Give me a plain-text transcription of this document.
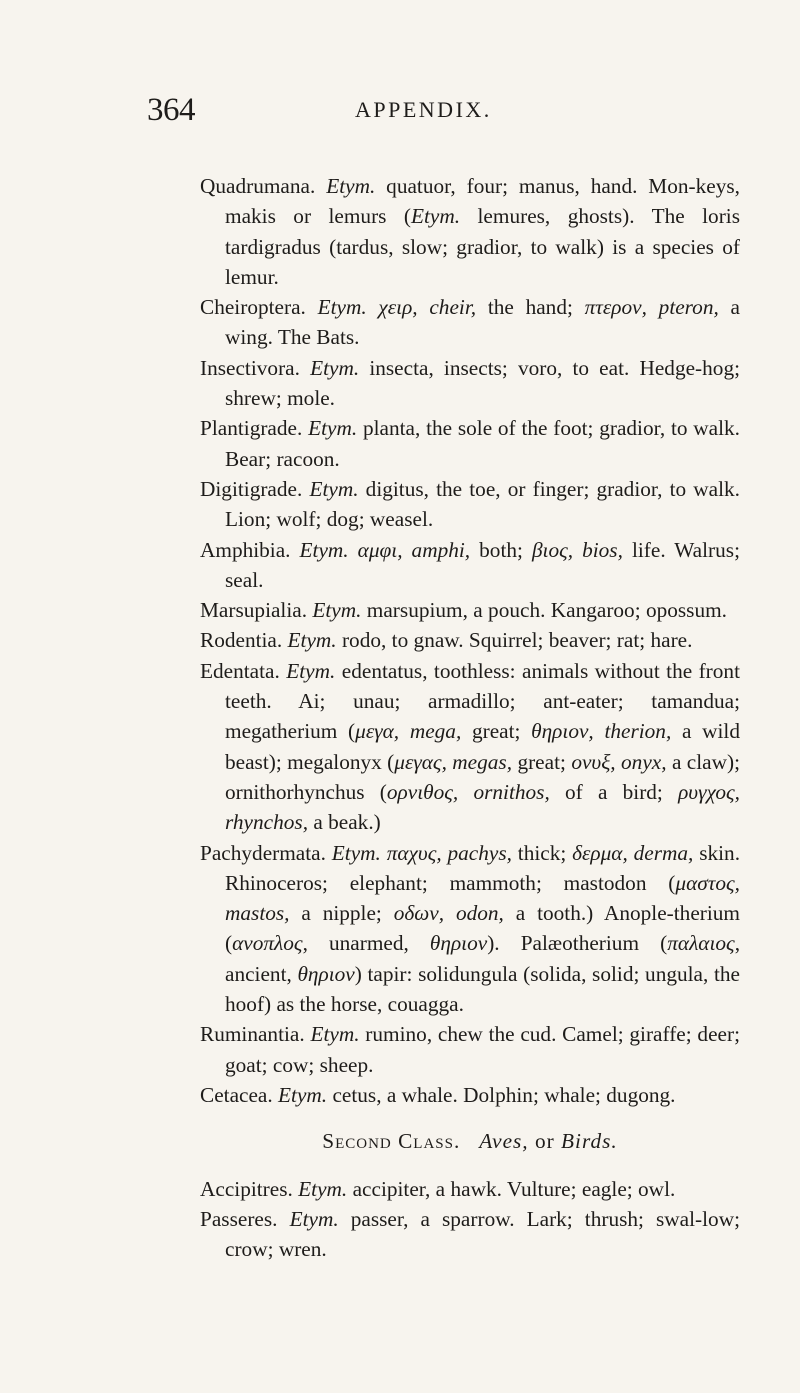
364	APPENDIX.

Quadrumana. Etym. quatuor, four; manus, hand. Mon-keys, makis or lemurs (Etym. lemures, ghosts). The loris tardigradus (tardus, slow; gradior, to walk) is a species of lemur.

Cheiroptera. Etym. χειρ, cheir, the hand; πτερον, pteron, a wing. The Bats.

Insectivora. Etym. insecta, insects; voro, to eat. Hedge-hog; shrew; mole.

Plantigrade. Etym. planta, the sole of the foot; gradior, to walk. Bear; racoon.

Digitigrade. Etym. digitus, the toe, or finger; gradior, to walk. Lion; wolf; dog; weasel.

Amphibia. Etym. αμφι, amphi, both; βιος, bios, life. Walrus; seal.

Marsupialia. Etym. marsupium, a pouch. Kangaroo; opossum.

Rodentia. Etym. rodo, to gnaw. Squirrel; beaver; rat; hare.

Edentata. Etym. edentatus, toothless: animals without the front teeth. Ai; unau; armadillo; ant-eater; tamandua; megatherium (μεγα, mega, great; θηριον, therion, a wild beast); megalonyx (μεγας, megas, great; ονυξ, onyx, a claw); ornithorhynchus (ορνιθος, ornithos, of a bird; ρυγχος, rhynchos, a beak.)

Pachydermata. Etym. παχυς, pachys, thick; δερμα, derma, skin. Rhinoceros; elephant; mammoth; mastodon (μαστος, mastos, a nipple; οδων, odon, a tooth.) Anople-therium (ανοπλος, unarmed, θηριον). Palæotherium (παλαιος, ancient, θηριον) tapir: solidungula (solida, solid; ungula, the hoof) as the horse, couagga.

Ruminantia. Etym. rumino, chew the cud. Camel; giraffe; deer; goat; cow; sheep.

Cetacea. Etym. cetus, a whale. Dolphin; whale; dugong.

Second Class. Aves, or Birds.

Accipitres. Etym. accipiter, a hawk. Vulture; eagle; owl.

Passeres. Etym. passer, a sparrow. Lark; thrush; swal-low; crow; wren.
